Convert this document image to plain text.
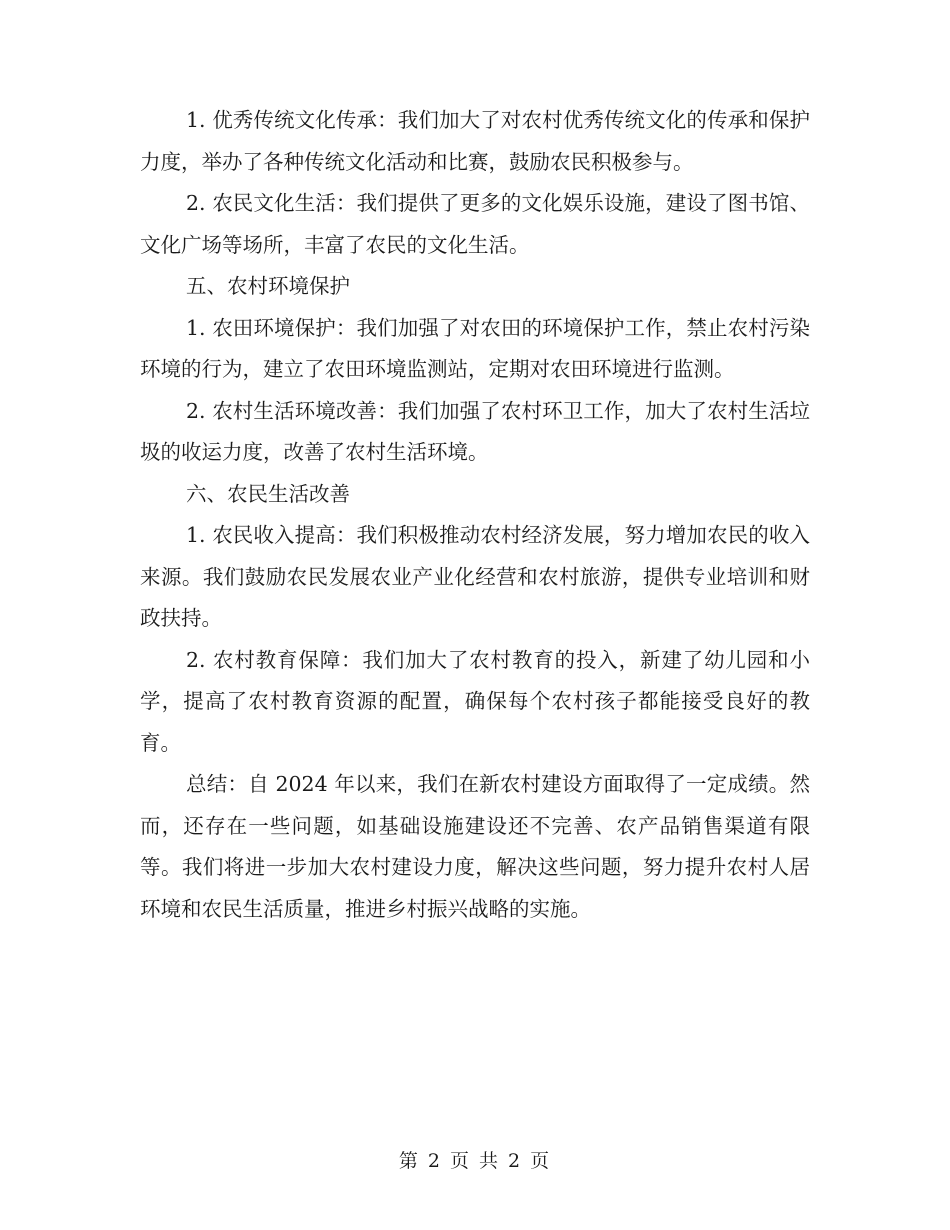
1. 优秀传统文化传承：我们加大了对农村优秀传统文化的传承和保护力度，举办了各种传统文化活动和比赛，鼓励农民积极参与。

2. 农民文化生活：我们提供了更多的文化娱乐设施，建设了图书馆、文化广场等场所，丰富了农民的文化生活。

五、农村环境保护

1. 农田环境保护：我们加强了对农田的环境保护工作，禁止农村污染环境的行为，建立了农田环境监测站，定期对农田环境进行监测。

2. 农村生活环境改善：我们加强了农村环卫工作，加大了农村生活垃圾的收运力度，改善了农村生活环境。

六、农民生活改善

1. 农民收入提高：我们积极推动农村经济发展，努力增加农民的收入来源。我们鼓励农民发展农业产业化经营和农村旅游，提供专业培训和财政扶持。

2. 农村教育保障：我们加大了农村教育的投入，新建了幼儿园和小学，提高了农村教育资源的配置，确保每个农村孩子都能接受良好的教育。

总结：自 2024 年以来，我们在新农村建设方面取得了一定成绩。然而，还存在一些问题，如基础设施建设还不完善、农产品销售渠道有限等。我们将进一步加大农村建设力度，解决这些问题，努力提升农村人居环境和农民生活质量，推进乡村振兴战略的实施。

第 2 页 共 2 页
